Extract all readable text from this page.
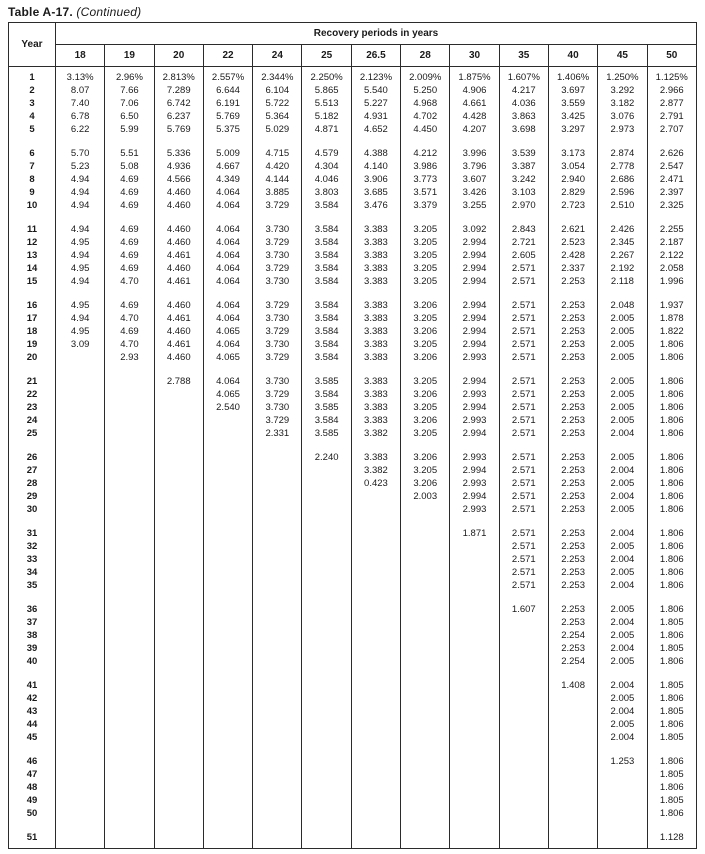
Table A-17. (Continued)
Year	Recovery periods in years												
	18	19	20	22	24	25	26.5	28	30	35	40	45	50
1	3.13%	2.96%	2.813%	2.557%	2.344%	2.250%	2.123%	2.009%	1.875%	1.607%	1.406%	1.250%	1.125%
2	8.07	7.66	7.289	6.644	6.104	5.865	5.540	5.250	4.906	4.217	3.697	3.292	2.966
3	7.40	7.06	6.742	6.191	5.722	5.513	5.227	4.968	4.661	4.036	3.559	3.182	2.877
4	6.78	6.50	6.237	5.769	5.364	5.182	4.931	4.702	4.428	3.863	3.425	3.076	2.791
5	6.22	5.99	5.769	5.375	5.029	4.871	4.652	4.450	4.207	3.698	3.297	2.973	2.707
6	5.70	5.51	5.336	5.009	4.715	4.579	4.388	4.212	3.996	3.539	3.173	2.874	2.626
7	5.23	5.08	4.936	4.667	4.420	4.304	4.140	3.986	3.796	3.387	3.054	2.778	2.547
8	4.94	4.69	4.566	4.349	4.144	4.046	3.906	3.773	3.607	3.242	2.940	2.686	2.471
9	4.94	4.69	4.460	4.064	3.885	3.803	3.685	3.571	3.426	3.103	2.829	2.596	2.397
10	4.94	4.69	4.460	4.064	3.729	3.584	3.476	3.379	3.255	2.970	2.723	2.510	2.325
11	4.94	4.69	4.460	4.064	3.730	3.584	3.383	3.205	3.092	2.843	2.621	2.426	2.255
12	4.95	4.69	4.460	4.064	3.729	3.584	3.383	3.205	2.994	2.721	2.523	2.345	2.187
13	4.94	4.69	4.461	4.064	3.730	3.584	3.383	3.205	2.994	2.605	2.428	2.267	2.122
14	4.95	4.69	4.460	4.064	3.729	3.584	3.383	3.205	2.994	2.571	2.337	2.192	2.058
15	4.94	4.70	4.461	4.064	3.730	3.584	3.383	3.205	2.994	2.571	2.253	2.118	1.996
16	4.95	4.69	4.460	4.064	3.729	3.584	3.383	3.206	2.994	2.571	2.253	2.048	1.937
17	4.94	4.70	4.461	4.064	3.730	3.584	3.383	3.205	2.994	2.571	2.253	2.005	1.878
18	4.95	4.69	4.460	4.065	3.729	3.584	3.383	3.206	2.994	2.571	2.253	2.005	1.822
19	3.09	4.70	4.461	4.064	3.730	3.584	3.383	3.205	2.994	2.571	2.253	2.005	1.806
20		2.93	4.460	4.065	3.729	3.584	3.383	3.206	2.993	2.571	2.253	2.005	1.806
21			2.788	4.064	3.730	3.585	3.383	3.205	2.994	2.571	2.253	2.005	1.806
22				4.065	3.729	3.584	3.383	3.206	2.993	2.571	2.253	2.005	1.806
23				2.540	3.730	3.585	3.383	3.205	2.994	2.571	2.253	2.005	1.806
24					3.729	3.584	3.383	3.206	2.993	2.571	2.253	2.005	1.806
25					2.331	3.585	3.382	3.205	2.994	2.571	2.253	2.004	1.806
26						2.240	3.383	3.206	2.993	2.571	2.253	2.005	1.806
27							3.382	3.205	2.994	2.571	2.253	2.004	1.806
28							0.423	3.206	2.993	2.571	2.253	2.005	1.806
29								2.003	2.994	2.571	2.253	2.004	1.806
30									2.993	2.571	2.253	2.005	1.806
31									1.871	2.571	2.253	2.004	1.806
32										2.571	2.253	2.005	1.806
33										2.571	2.253	2.004	1.806
34										2.571	2.253	2.005	1.806
35										2.571	2.253	2.004	1.806
36										1.607	2.253	2.005	1.806
37											2.253	2.004	1.805
38											2.254	2.005	1.806
39											2.253	2.004	1.805
40											2.254	2.005	1.806
41											1.408	2.004	1.805
42												2.005	1.806
43												2.004	1.805
44												2.005	1.806
45												2.004	1.805
46												1.253	1.806
47													1.805
48													1.806
49													1.805
50													1.806
51													1.128
